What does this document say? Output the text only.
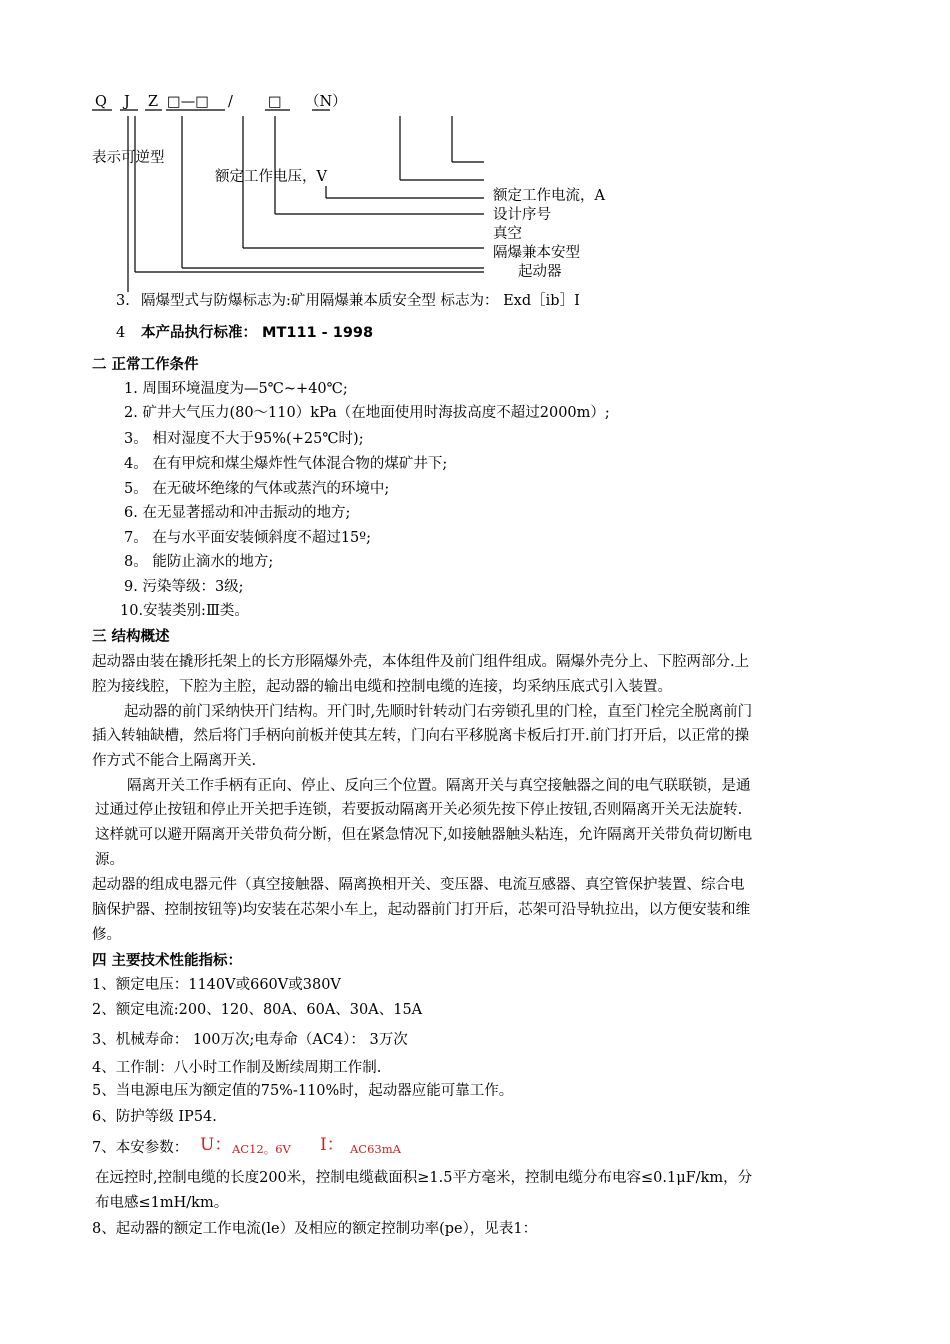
Q J Z □—□ / □ （N）
表示可逆型
额定工作电压，V
额定工作电流，A
设计序号
真空
隔爆兼本安型
起动器
3. 隔爆型式与防爆标志为:矿用隔爆兼本质安全型 标志为： Exd［ib］Ⅰ
4 本产品执行标准： MT111 - 1998
二 正常工作条件
1. 周围环境温度为—5℃~+40℃;
2. 矿井大气压力(80～110）kPa（在地面使用时海拔高度不超过2000m）;
3。 相对湿度不大于95%(+25℃时);
4。 在有甲烷和煤尘爆炸性气体混合物的煤矿井下;
5。 在无破坏绝缘的气体或蒸汽的环境中;
6. 在无显著摇动和冲击振动的地方;
7。 在与水平面安装倾斜度不超过15º;
8。 能防止滴水的地方;
9. 污染等级：3级;
10.安装类别:Ⅲ类。
三 结构概述
起动器由装在撬形托架上的长方形隔爆外壳，本体组件及前门组件组成。隔爆外壳分上、下腔两部分.上
腔为接线腔，下腔为主腔，起动器的输出电缆和控制电缆的连接，均采纳压底式引入装置。
起动器的前门采纳快开门结构。开门时,先顺时针转动门右旁锁孔里的门栓，直至门栓完全脱离前门
插入转轴缺槽，然后将门手柄向前板并使其左转，门向右平移脱离卡板后打开.前门打开后，以正常的操
作方式不能合上隔离开关.
隔离开关工作手柄有正向、停止、反向三个位置。隔离开关与真空接触器之间的电气联联锁，是通
过通过停止按钮和停止开关把手连锁，若要扳动隔离开关必须先按下停止按钮,否则隔离开关无法旋转.
这样就可以避开隔离开关带负荷分断，但在紧急情况下,如接触器触头粘连，允许隔离开关带负荷切断电
源。
起动器的组成电器元件（真空接触器、隔离换相开关、变压器、电流互感器、真空管保护装置、综合电
脑保护器、控制按钮等)均安装在芯架小车上，起动器前门打开后，芯架可沿导轨拉出，以方便安装和维
修。
四 主要技术性能指标：
1、额定电压：1140V或660V或380V
2、额定电流:200、120、80A、60A、30A、15A
3、机械寿命： 100万次;电寿命（AC4）： 3万次
4、工作制：八小时工作制及断续周期工作制.
5、当电源电压为额定值的75%-110%时，起动器应能可靠工作。
6、防护等级 IP54.
7、本安参数： U： AC12。6V I： AC63mA
在远控时,控制电缆的长度200米，控制电缆截面积≥1.5平方毫米，控制电缆分布电容≤0.1μF/km，分
布电感≤1mH/km。
8、起动器的额定工作电流(le）及相应的额定控制功率(pe），见表1：
